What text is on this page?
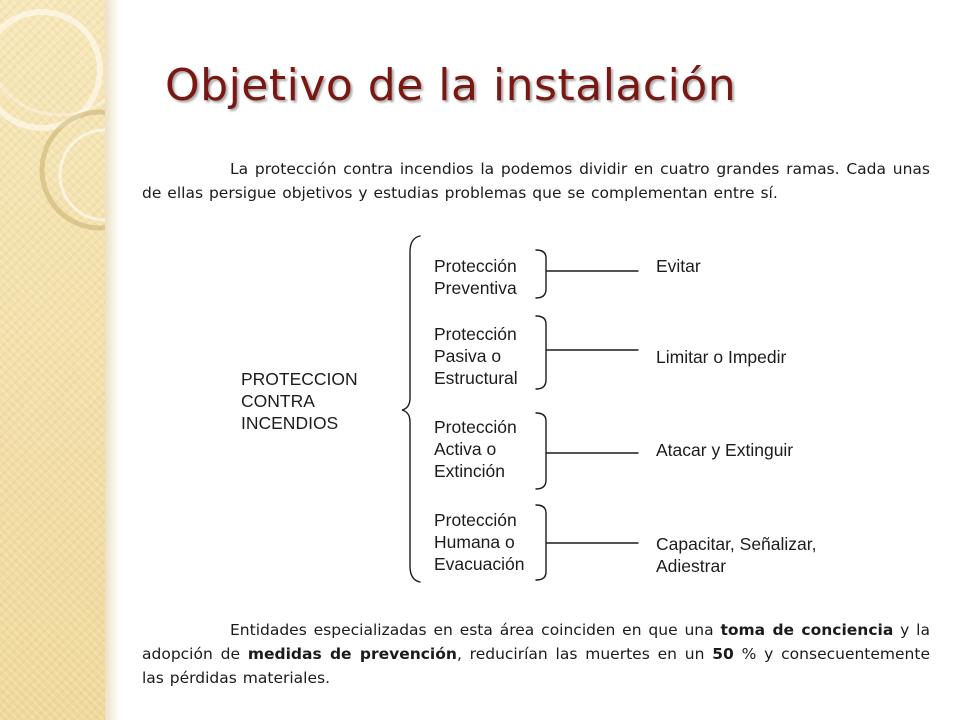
Objetivo de la instalación

La protección contra incendios la podemos dividir en cuatro grandes ramas. Cada unas de ellas persigue objetivos y estudias problemas que se complementan entre sí.

PROTECCION
CONTRA
INCENDIOS
Protección
Preventiva
Protección
Pasiva o
Estructural
Protección
Activa o
Extinción
Protección
Humana o
Evacuación
Evitar
Limitar o Impedir
Atacar y Extinguir
Capacitar, Señalizar,
Adiestrar

Entidades especializadas en esta área coinciden en que una toma de conciencia y la adopción de medidas de prevención, reducirían las muertes en un 50 % y consecuentemente las pérdidas materiales.
